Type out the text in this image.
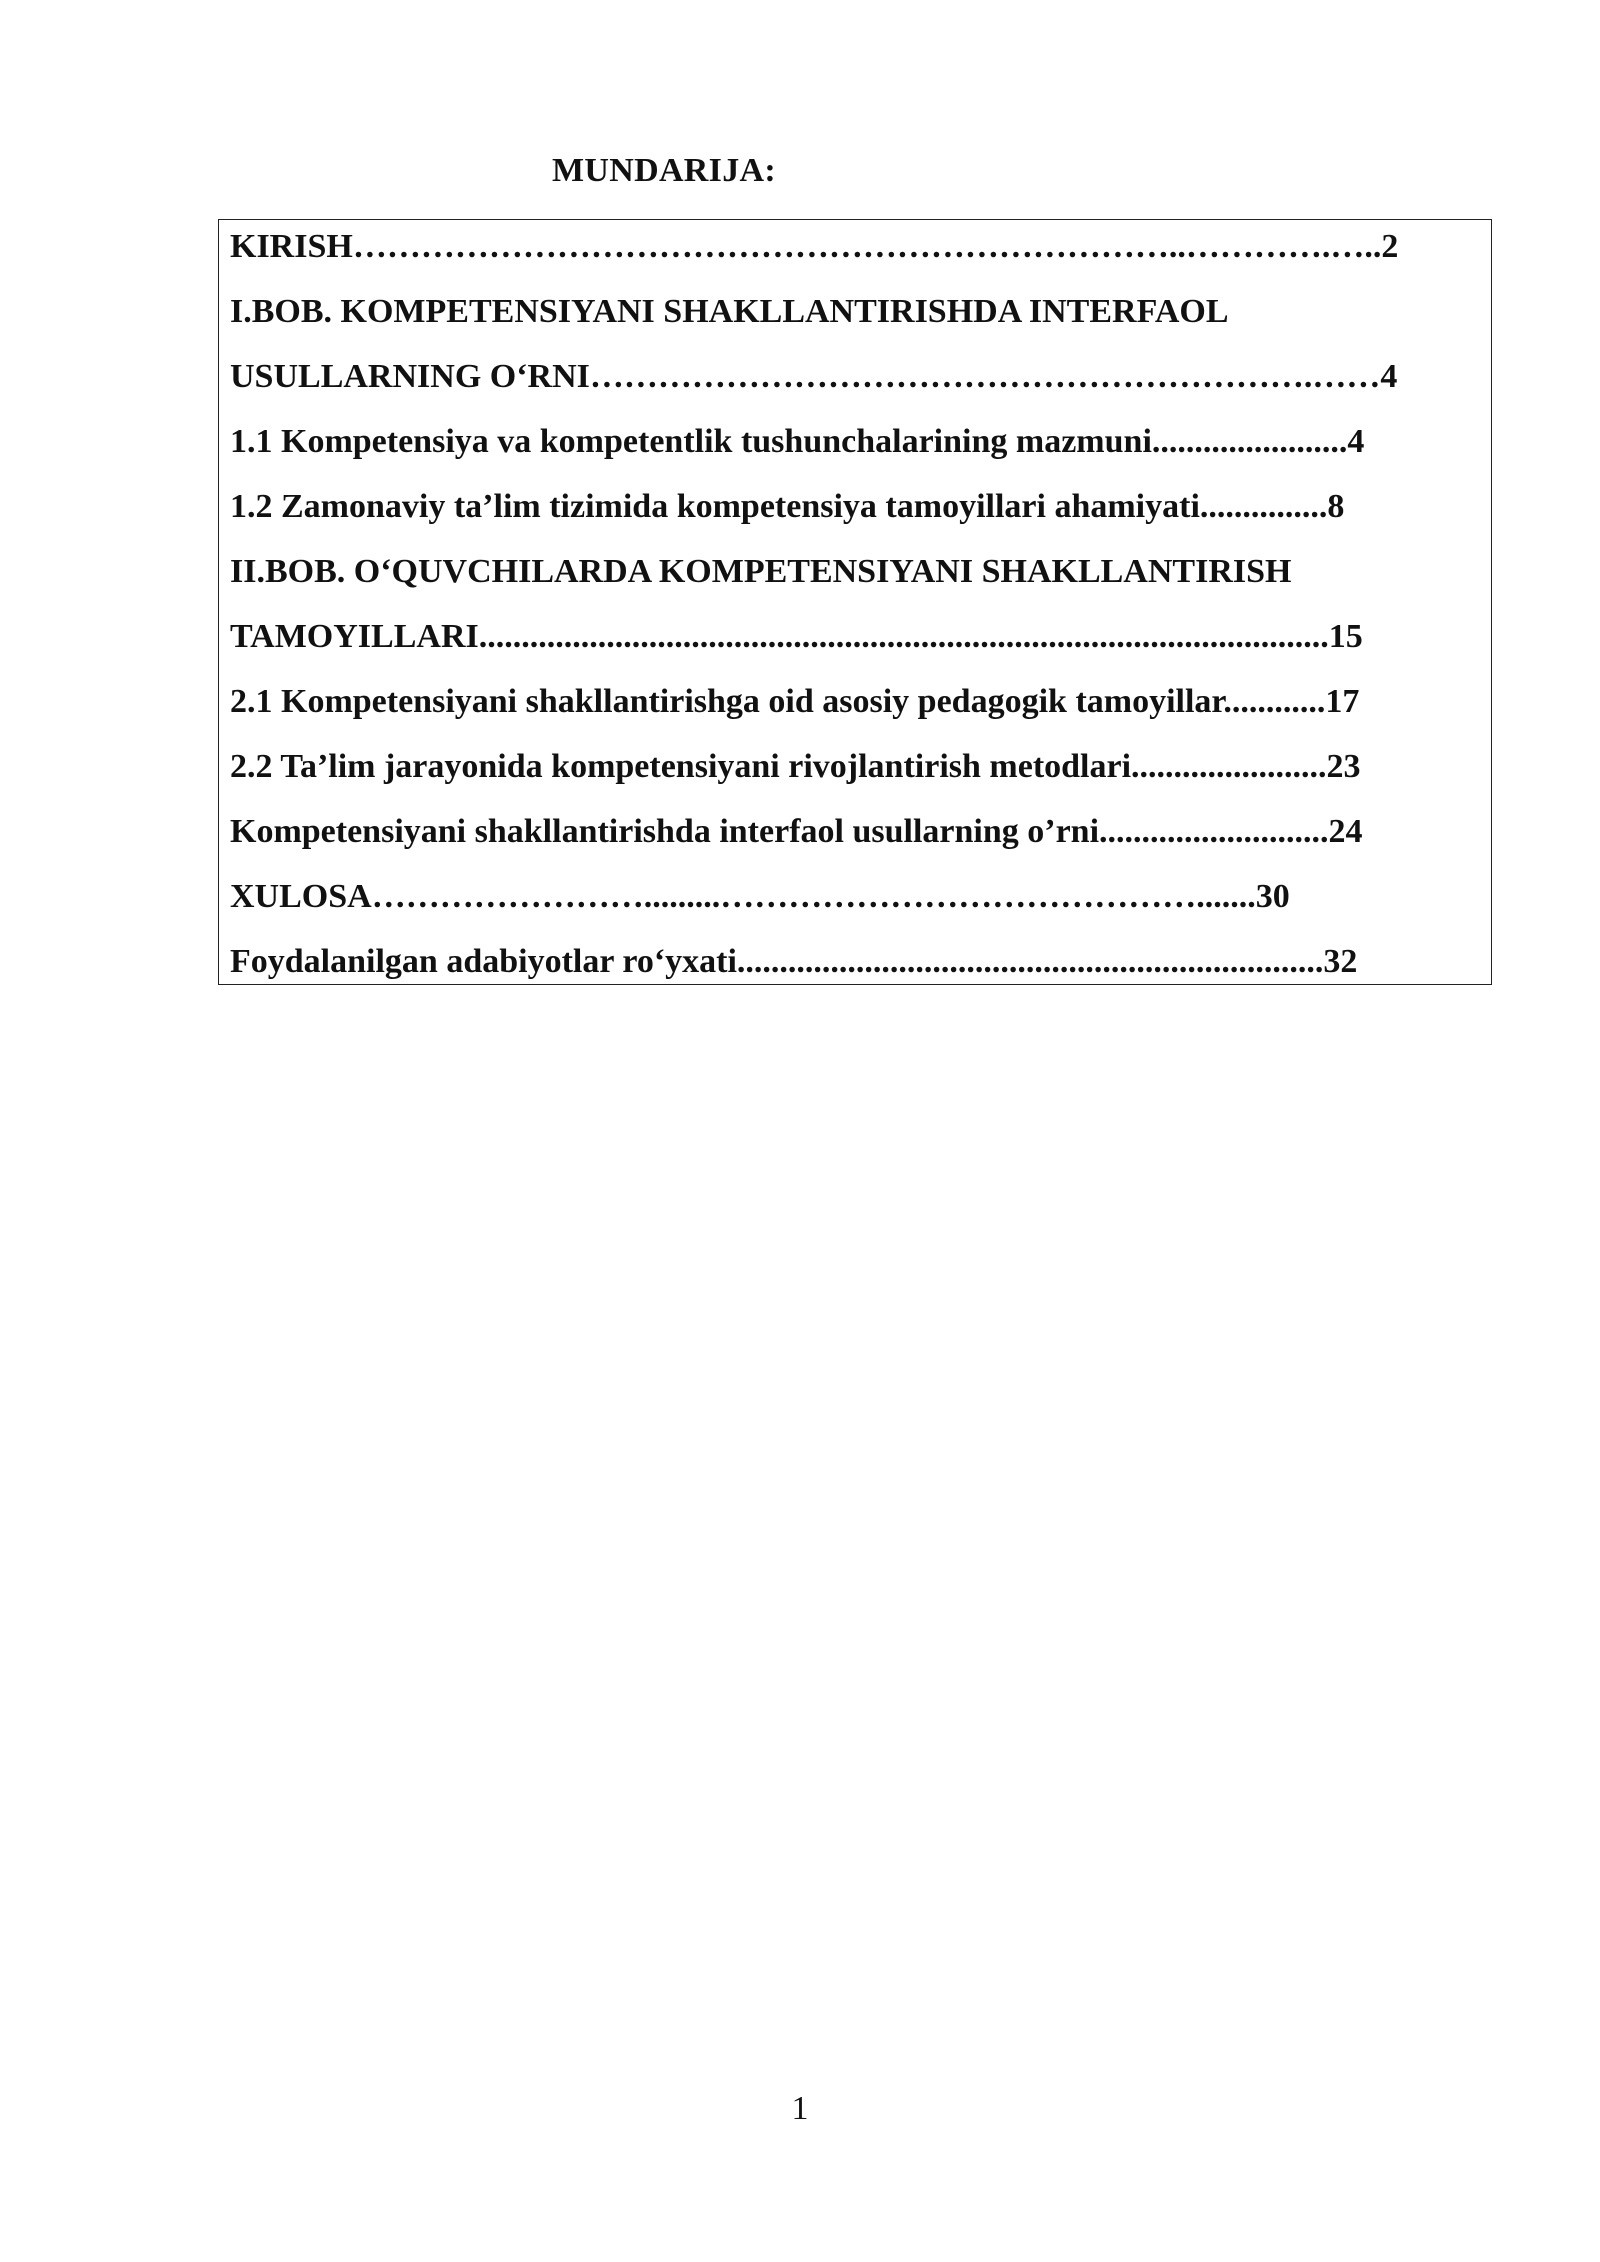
MUNDARIJA:
KIRISH………………………………………………………………..………….…..2
I.BOB. KOMPETENSIYANI SHAKLLANTIRISHDA INTERFAOL
USULLARNING O‘RNI……………………………………………………….……4
1.1 Kompetensiya va kompetentlik tushunchalarining mazmuni.......................4
1.2 Zamonaviy ta’lim tizimida kompetensiya tamoyillari ahamiyati...............8
II.BOB. O‘QUVCHILARDA KOMPETENSIYANI SHAKLLANTIRISH
TAMOYILLARI....................................................................................................15
2.1 Kompetensiyani shakllantirishga oid asosiy pedagogik tamoyillar............17
2.2 Ta’lim jarayonida kompetensiyani rivojlantirish metodlari.......................23
Kompetensiyani shakllantirishda interfaol usullarning o’rni...........................24
XULOSA…………………….........…………………………………….......30
Foydalanilgan adabiyotlar ro‘yxati.....................................................................32
1
